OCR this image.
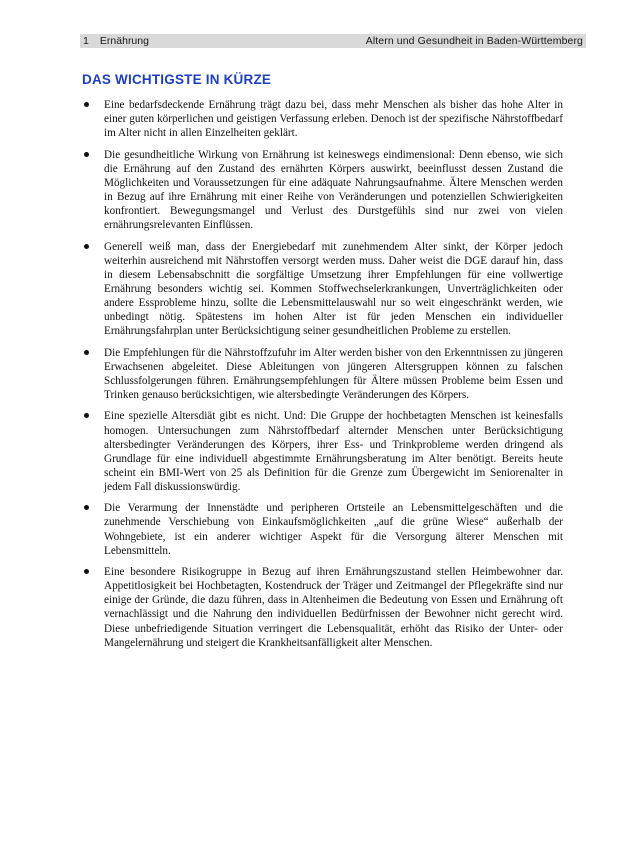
1 Ernährung	Altern und Gesundheit in Baden-Württemberg
DAS WICHTIGSTE IN KÜRZE
Eine bedarfsdeckende Ernährung trägt dazu bei, dass mehr Menschen als bisher das hohe Alter in einer guten körperlichen und geistigen Verfassung erleben. Denoch ist der spezifische Nährstoffbedarf im Alter nicht in allen Einzelheiten geklärt.
Die gesundheitliche Wirkung von Ernährung ist keineswegs eindimensional: Denn ebenso, wie sich die Ernährung auf den Zustand des ernährten Körpers auswirkt, beeinflusst dessen Zustand die Möglichkeiten und Voraussetzungen für eine adäquate Nahrungsaufnahme. Ältere Menschen werden in Bezug auf ihre Ernährung mit einer Reihe von Veränderungen und potenziellen Schwierigkeiten konfrontiert. Bewegungsmangel und Verlust des Durstgefühls sind nur zwei von vielen ernährungsrelevanten Einflüssen.
Generell weiß man, dass der Energiebedarf mit zunehmendem Alter sinkt, der Körper jedoch weiterhin ausreichend mit Nährstoffen versorgt werden muss. Daher weist die DGE darauf hin, dass in diesem Lebensabschnitt die sorgfältige Umsetzung ihrer Empfehlungen für eine vollwertige Ernährung besonders wichtig sei. Kommen Stoffwechselerkrankungen, Unverträglichkeiten oder andere Essprobleme hinzu, sollte die Lebensmittelauswahl nur so weit eingeschränkt werden, wie unbedingt nötig. Spätestens im hohen Alter ist für jeden Menschen ein individueller Ernährungsfahrplan unter Berücksichtigung seiner gesundheitlichen Probleme zu erstellen.
Die Empfehlungen für die Nährstoffzufuhr im Alter werden bisher von den Erkenntnissen zu jüngeren Erwachsenen abgeleitet. Diese Ableitungen von jüngeren Altersgruppen können zu falschen Schlussfolgerungen führen. Ernährungsempfehlungen für Ältere müssen Probleme beim Essen und Trinken genauso berücksichtigen, wie altersbedingte Veränderungen des Körpers.
Eine spezielle Altersdiät gibt es nicht. Und: Die Gruppe der hochbetagten Menschen ist keinesfalls homogen. Untersuchungen zum Nährstoffbedarf alternder Menschen unter Berücksichtigung altersbedingter Veränderungen des Körpers, ihrer Ess- und Trinkprobleme werden dringend als Grundlage für eine individuell abgestimmte Ernährungsberatung im Alter benötigt. Bereits heute scheint ein BMI-Wert von 25 als Definition für die Grenze zum Übergewicht im Seniorenalter in jedem Fall diskussionswürdig.
Die Verarmung der Innenstädte und peripheren Ortsteile an Lebensmittelgeschäften und die zunehmende Verschiebung von Einkaufsmöglichkeiten „auf die grüne Wiese“ außerhalb der Wohngebiete, ist ein anderer wichtiger Aspekt für die Versorgung älterer Menschen mit Lebensmitteln.
Eine besondere Risikogruppe in Bezug auf ihren Ernährungszustand stellen Heimbewohner dar. Appetitlosigkeit bei Hochbetagten, Kostendruck der Träger und Zeitmangel der Pflegekräfte sind nur einige der Gründe, die dazu führen, dass in Altenheimen die Bedeutung von Essen und Ernährung oft vernachlässigt und die Nahrung den individuellen Bedürfnissen der Bewohner nicht gerecht wird. Diese unbefriedigende Situation verringert die Lebensqualität, erhöht das Risiko der Unter- oder Mangelernährung und steigert die Krankheitsanfälligkeit alter Menschen.
